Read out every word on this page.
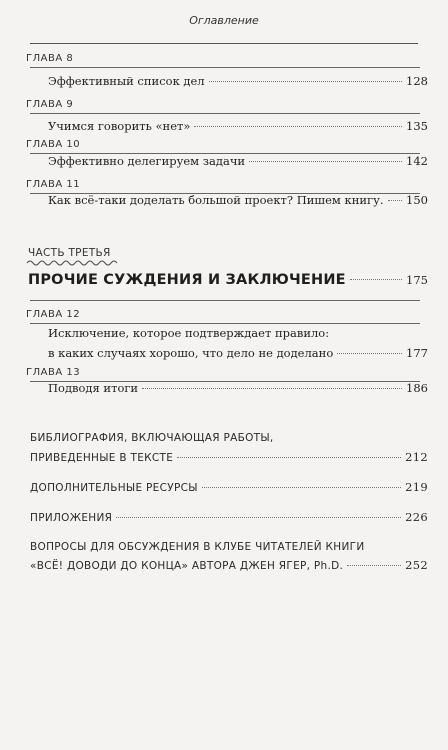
Оглавление
ГЛАВА 8
Эффективный список дел	128
ГЛАВА 9
Учимся говорить «нет»	135
ГЛАВА 10
Эффективно делегируем задачи	142
ГЛАВА 11
Как всё-таки доделать большой проект? Пишем книгу. 150
ЧАСТЬ ТРЕТЬЯ
ПРОЧИЕ СУЖДЕНИЯ И ЗАКЛЮЧЕНИЕ	175
ГЛАВА 12
Исключение, которое подтверждает правило:
в каких случаях хорошо, что дело не доделано	177
ГЛАВА 13
Подводя итоги	186
БИБЛИОГРАФИЯ, ВКЛЮЧАЮЩАЯ РАБОТЫ,
ПРИВЕДЕННЫЕ В ТЕКСТЕ	212
ДОПОЛНИТЕЛЬНЫЕ РЕСУРСЫ	219
ПРИЛОЖЕНИЯ	226
ВОПРОСЫ ДЛЯ ОБСУЖДЕНИЯ В КЛУБЕ ЧИТАТЕЛЕЙ КНИГИ
«ВСЁ! ДОВОДИ ДО КОНЦА» АВТОРА ДЖЕН ЯГЕР, Ph.D.	252
